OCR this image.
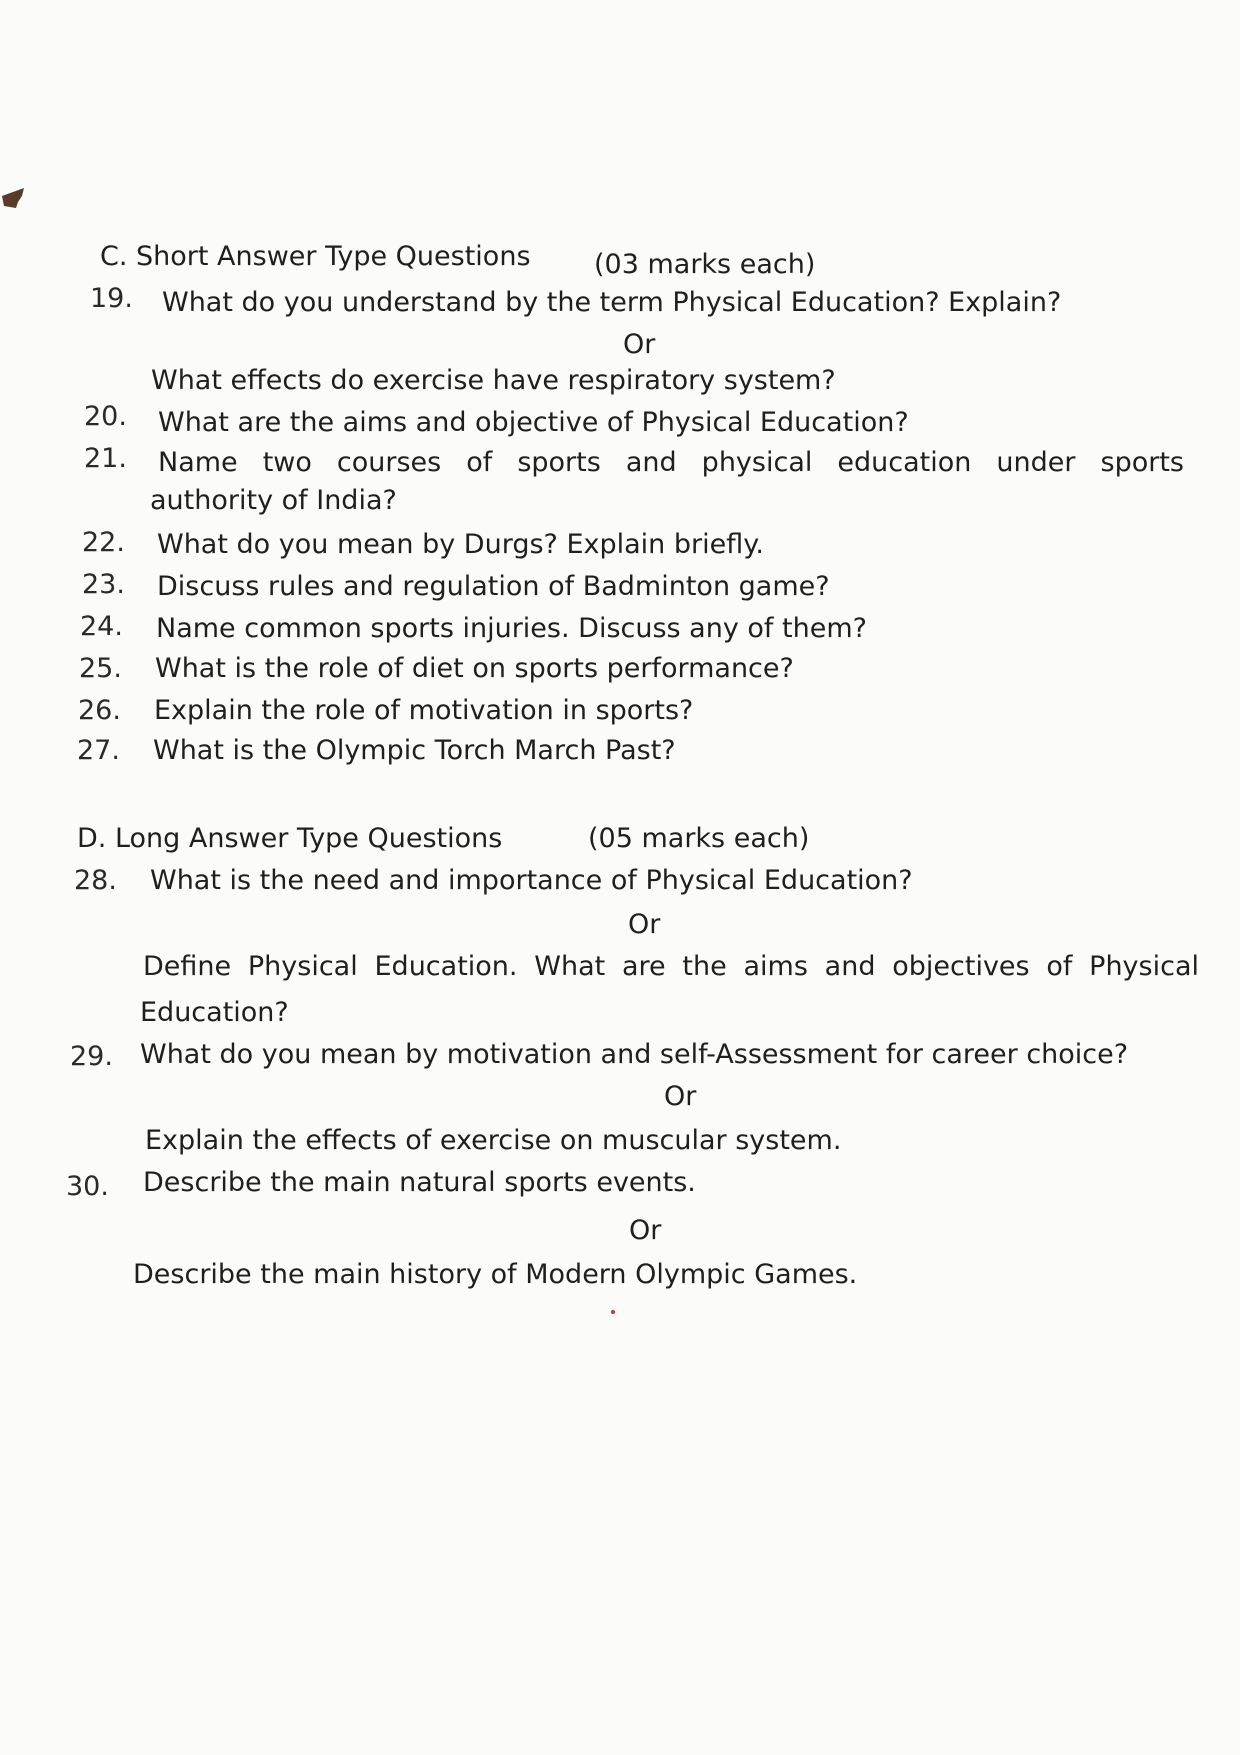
C. Short Answer Type Questions (03 marks each)
19. What do you understand by the term Physical Education? Explain?
Or
What effects do exercise have respiratory system?
20. What are the aims and objective of Physical Education?
21. Name two courses of sports and physical education under sports
authority of India?
22. What do you mean by Durgs? Explain briefly.
23. Discuss rules and regulation of Badminton game?
24. Name common sports injuries. Discuss any of them?
25. What is the role of diet on sports performance?
26. Explain the role of motivation in sports?
27. What is the Olympic Torch March Past?
D. Long Answer Type Questions	(05 marks each)
28. What is the need and importance of Physical Education?
Or
Define Physical Education. What are the aims and objectives of Physical
Education?
29. What do you mean by motivation and self-Assessment for career choice?
Or
Explain the effects of exercise on muscular system.
30. Describe the main natural sports events.
Or
Describe the main history of Modern Olympic Games.
